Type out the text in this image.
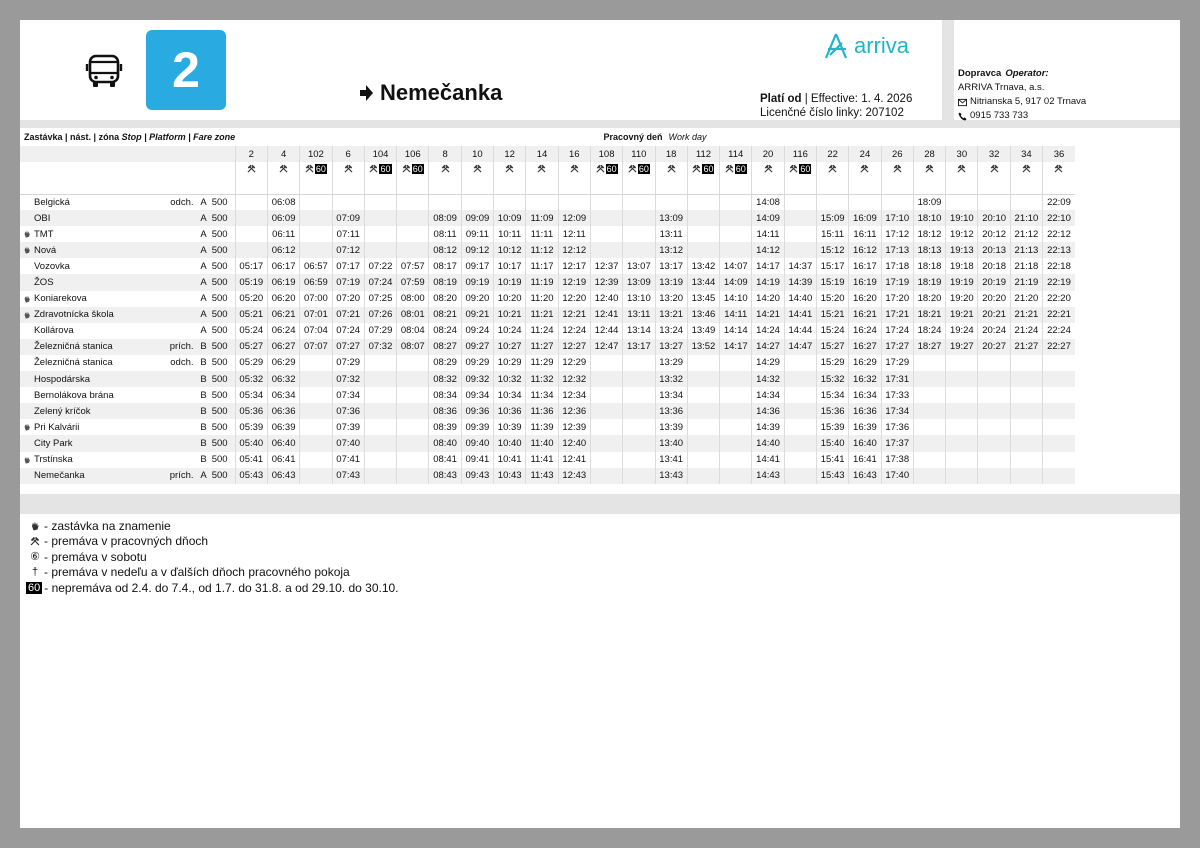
2	Nemečanka
arriva
Platí od | Effective: 1. 4. 2026
Licenčné číslo linky: 207102
Dopravca Operator:
ARRIVA Trnava, a.s.
Nitrianska 5, 917 02 Trnava
0915 733 733
Zastávka | nást. | zóna Stop | Platform | Fare zone			Pracovný deň Work day																									
			2	4	102	6	104	106	8	10	12	14	16	108	110	18	112	114	20	116	22	24	26	28	30	32	34	36
			60		60	60						60	60		60	60		60								

Belgická odch.	A	500		06:08															14:08					18:09				22:09
OBI	A	500		06:09		07:09			08:09	09:09	10:09	11:09	12:09			13:09			14:09		15:09	16:09	17:10	18:10	19:10	20:10	21:10	22:10

TMT	A	500		06:11		07:11			08:11	09:11	10:11	11:11	12:11			13:11			14:11		15:11	16:11	17:12	18:12	19:12	20:12	21:12	22:12

Nová	A	500		06:12		07:12			08:12	09:12	10:12	11:12	12:12			13:12			14:12		15:12	16:12	17:13	18:13	19:13	20:13	21:13	22:13
Vozovka	A	500	05:17	06:17	06:57	07:17	07:22	07:57	08:17	09:17	10:17	11:17	12:17	12:37	13:07	13:17	13:42	14:07	14:17	14:37	15:17	16:17	17:18	18:18	19:18	20:18	21:18	22:18
ŽOS	A	500	05:19	06:19	06:59	07:19	07:24	07:59	08:19	09:19	10:19	11:19	12:19	12:39	13:09	13:19	13:44	14:09	14:19	14:39	15:19	16:19	17:19	18:19	19:19	20:19	21:19	22:19

Koniarekova	A	500	05:20	06:20	07:00	07:20	07:25	08:00	08:20	09:20	10:20	11:20	12:20	12:40	13:10	13:20	13:45	14:10	14:20	14:40	15:20	16:20	17:20	18:20	19:20	20:20	21:20	22:20

Zdravotnícka škola	A	500	05:21	06:21	07:01	07:21	07:26	08:01	08:21	09:21	10:21	11:21	12:21	12:41	13:11	13:21	13:46	14:11	14:21	14:41	15:21	16:21	17:21	18:21	19:21	20:21	21:21	22:21
Kollárova	A	500	05:24	06:24	07:04	07:24	07:29	08:04	08:24	09:24	10:24	11:24	12:24	12:44	13:14	13:24	13:49	14:14	14:24	14:44	15:24	16:24	17:24	18:24	19:24	20:24	21:24	22:24
Železničná stanica prích.	B	500	05:27	06:27	07:07	07:27	07:32	08:07	08:27	09:27	10:27	11:27	12:27	12:47	13:17	13:27	13:52	14:17	14:27	14:47	15:27	16:27	17:27	18:27	19:27	20:27	21:27	22:27
Železničná stanica odch.	B	500	05:29	06:29		07:29			08:29	09:29	10:29	11:29	12:29			13:29			14:29		15:29	16:29	17:29					
Hospodárska	B	500	05:32	06:32		07:32			08:32	09:32	10:32	11:32	12:32			13:32			14:32		15:32	16:32	17:31					
Bernolákova brána	B	500	05:34	06:34		07:34			08:34	09:34	10:34	11:34	12:34			13:34			14:34		15:34	16:34	17:33					
Zelený kríčok	B	500	05:36	06:36		07:36			08:36	09:36	10:36	11:36	12:36			13:36			14:36		15:36	16:36	17:34					

Pri Kalvárii	B	500	05:39	06:39		07:39			08:39	09:39	10:39	11:39	12:39			13:39			14:39		15:39	16:39	17:36					
City Park	B	500	05:40	06:40		07:40			08:40	09:40	10:40	11:40	12:40			13:40			14:40		15:40	16:40	17:37					

Trstínska	B	500	05:41	06:41		07:41			08:41	09:41	10:41	11:41	12:41			13:41			14:41		15:41	16:41	17:38					
Nemečanka prích.	A	500	05:43	06:43		07:43			08:43	09:43	10:43	11:43	12:43			13:43			14:43		15:43	16:43	17:40					
- zastávka na znamenie
- premáva v pracovných dňoch
⑥ - premáva v sobotu
† - premáva v nedeľu a v ďalších dňoch pracovného pokoja
60 - nepremáva od 2.4. do 7.4., od 1.7. do 31.8. a od 29.10. do 30.10.
